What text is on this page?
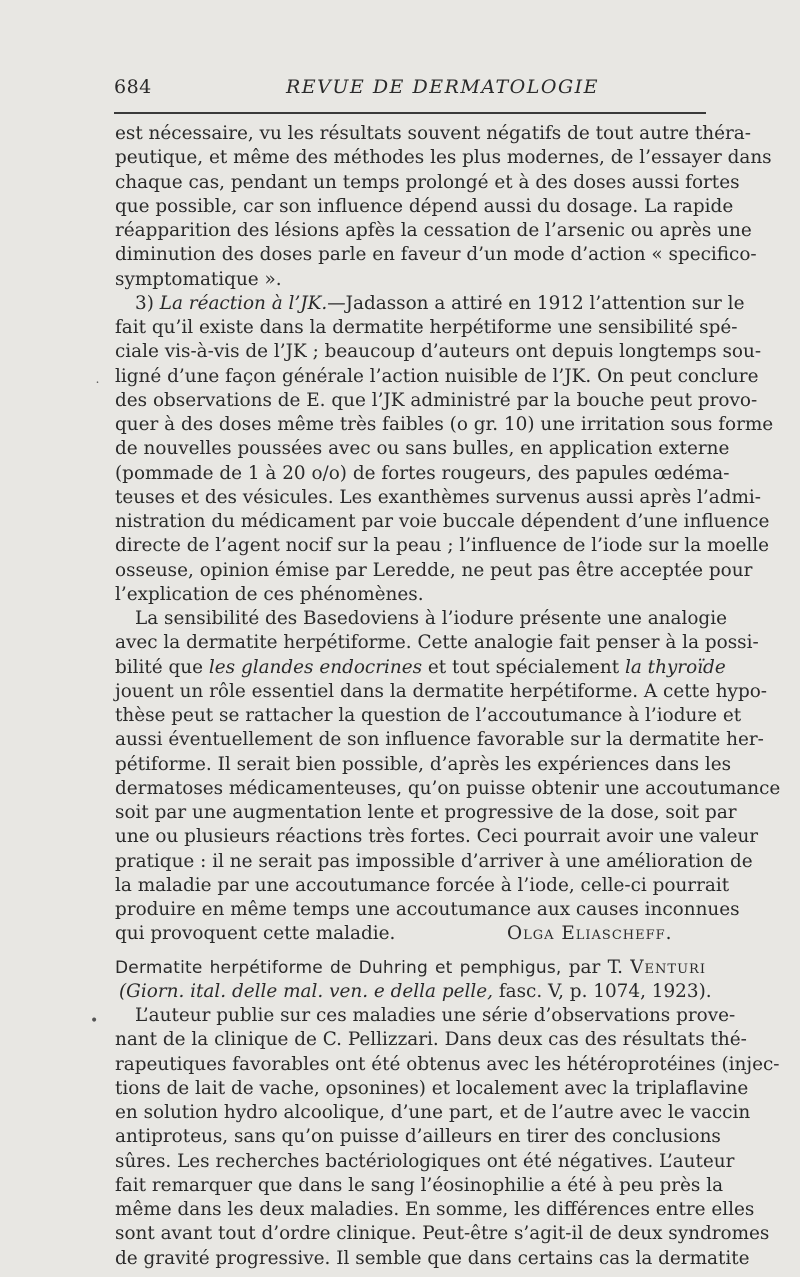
684	REVUE DE DERMATOLOGIE
est nécessaire, vu les résultats souvent négatifs de tout autre théra-
peutique, et même des méthodes les plus modernes, de l’essayer dans
chaque cas, pendant un temps prolongé et à des doses aussi fortes
que possible, car son influence dépend aussi du dosage. La rapide
réapparition des lésions apfès la cessation de l’arsenic ou après une
diminution des doses parle en faveur d’un mode d’action « specifico-
symptomatique ».
3) La réaction à l’JK.—Jadasson a attiré en 1912 l’attention sur le
fait qu’il existe dans la dermatite herpétiforme une sensibilité spé-
ciale vis-à-vis de l’JK ; beaucoup d’auteurs ont depuis longtemps sou-
ligné d’une façon générale l’action nuisible de l’JK. On peut conclure
des observations de E. que l’JK administré par la bouche peut provo-
quer à des doses même très faibles (o gr. 10) une irritation sous forme
de nouvelles poussées avec ou sans bulles, en application externe
(pommade de 1 à 20 o/o) de fortes rougeurs, des papules œdéma-
teuses et des vésicules. Les exanthèmes survenus aussi après l’admi-
nistration du médicament par voie buccale dépendent d’une influence
directe de l’agent nocif sur la peau ; l’influence de l’iode sur la moelle
osseuse, opinion émise par Leredde, ne peut pas être acceptée pour
l’explication de ces phénomènes.
La sensibilité des Basedoviens à l’iodure présente une analogie
avec la dermatite herpétiforme. Cette analogie fait penser à la possi-
bilité que les glandes endocrines et tout spécialement la thyroïde
jouent un rôle essentiel dans la dermatite herpétiforme. A cette hypo-
thèse peut se rattacher la question de l’accoutumance à l’iodure et
aussi éventuellement de son influence favorable sur la dermatite her-
pétiforme. Il serait bien possible, d’après les expériences dans les
dermatoses médicamenteuses, qu’on puisse obtenir une accoutumance
soit par une augmentation lente et progressive de la dose, soit par
une ou plusieurs réactions très fortes. Ceci pourrait avoir une valeur
pratique : il ne serait pas impossible d’arriver à une amélioration de
la maladie par une accoutumance forcée à l’iode, celle-ci pourrait
produire en même temps une accoutumance aux causes inconnues
qui provoquent cette maladie.	Olga Eliascheff.
Dermatite herpétiforme de Duhring et pemphigus, par T. Venturi
(Giorn. ital. delle mal. ven. e della pelle, fasc. V, p. 1074, 1923).
L’auteur publie sur ces maladies une série d’observations prove-
nant de la clinique de C. Pellizzari. Dans deux cas des résultats thé-
rapeutiques favorables ont été obtenus avec les hétéroprotéines (injec-
tions de lait de vache, opsonines) et localement avec la triplaflavine
en solution hydro alcoolique, d’une part, et de l’autre avec le vaccin
antiproteus, sans qu’on puisse d’ailleurs en tirer des conclusions
sûres. Les recherches bactériologiques ont été négatives. L’auteur
fait remarquer que dans le sang l’éosinophilie a été à peu près la
même dans les deux maladies. En somme, les différences entre elles
sont avant tout d’ordre clinique. Peut-être s’agit-il de deux syndromes
de gravité progressive. Il semble que dans certains cas la dermatite
˙
•
